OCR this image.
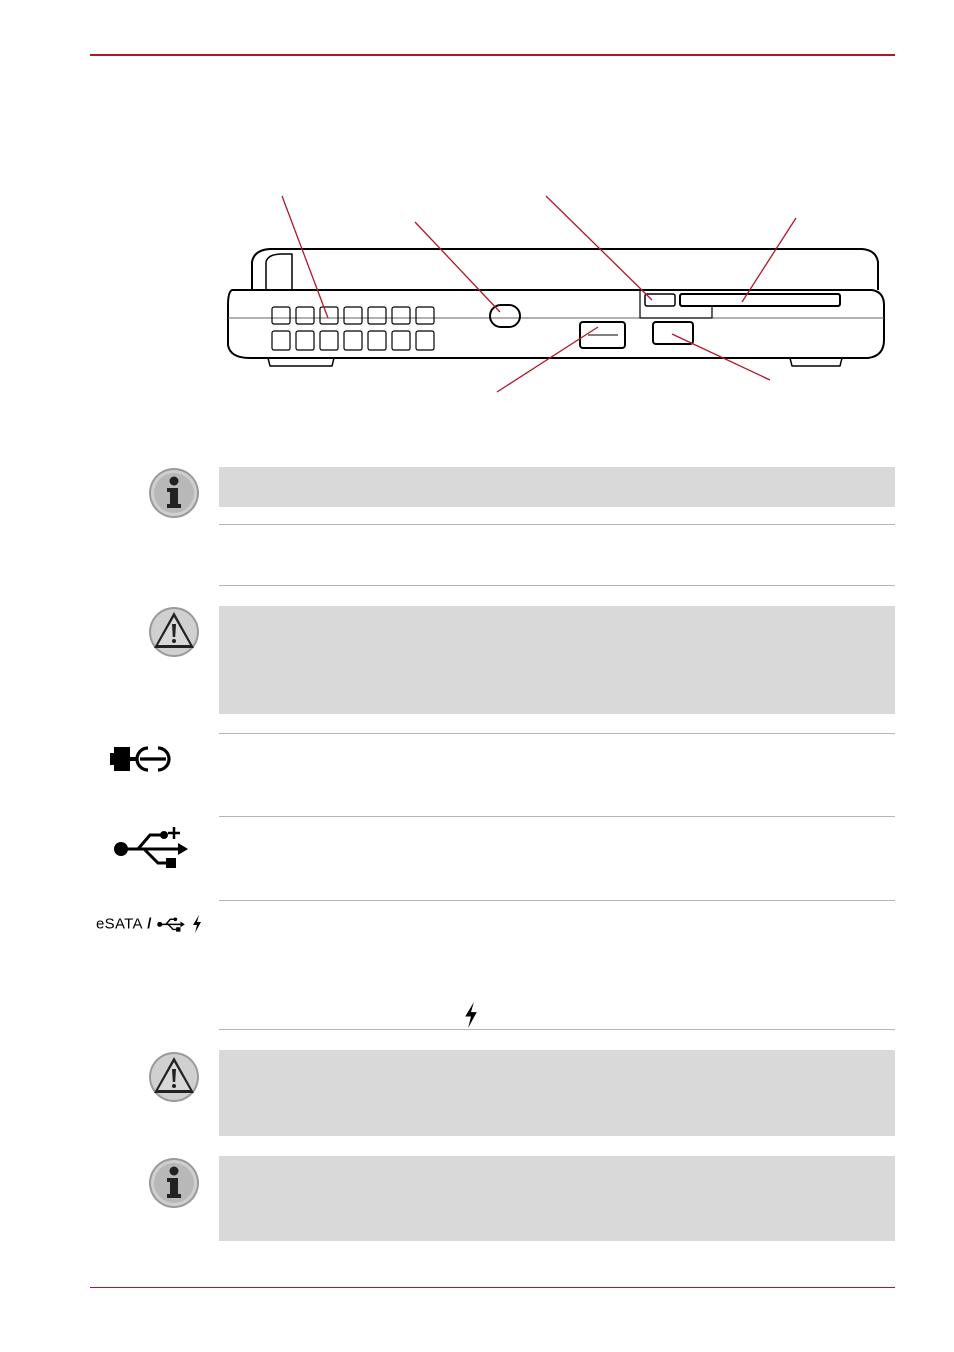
eSATA /
